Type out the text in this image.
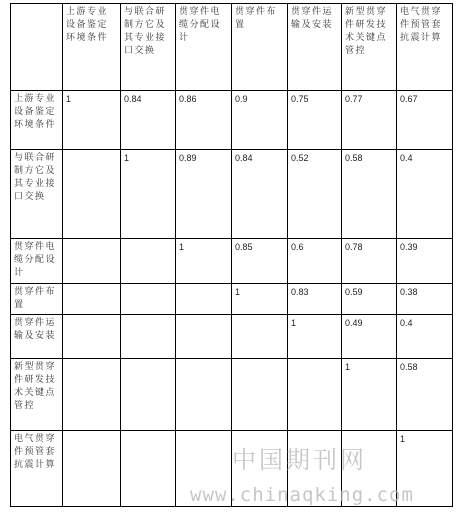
	上游专业设备鉴定环境条件	与联合研制方它及其专业接口交换	贯穿件电缆分配设计	贯穿件布置	贯穿件运输及安装	新型贯穿件研发技术关键点管控	电气贯穿件预管套抗震计算
上游专业设备鉴定环境条件	1	0.84	0.86	0.9	0.75	0.77	0.67
与联合研制方它及其专业接口交换		1	0.89	0.84	0.52	0.58	0.4
贯穿件电缆分配设计			1	0.85	0.6	0.78	0.39
贯穿件布置				1	0.83	0.59	0.38
贯穿件运输及安装					1	0.49	0.4
新型贯穿件研发技术关键点管控						1	0.58
电气贯穿件预管套抗震计算							1
中国期刊网
www.chinaqking.com
